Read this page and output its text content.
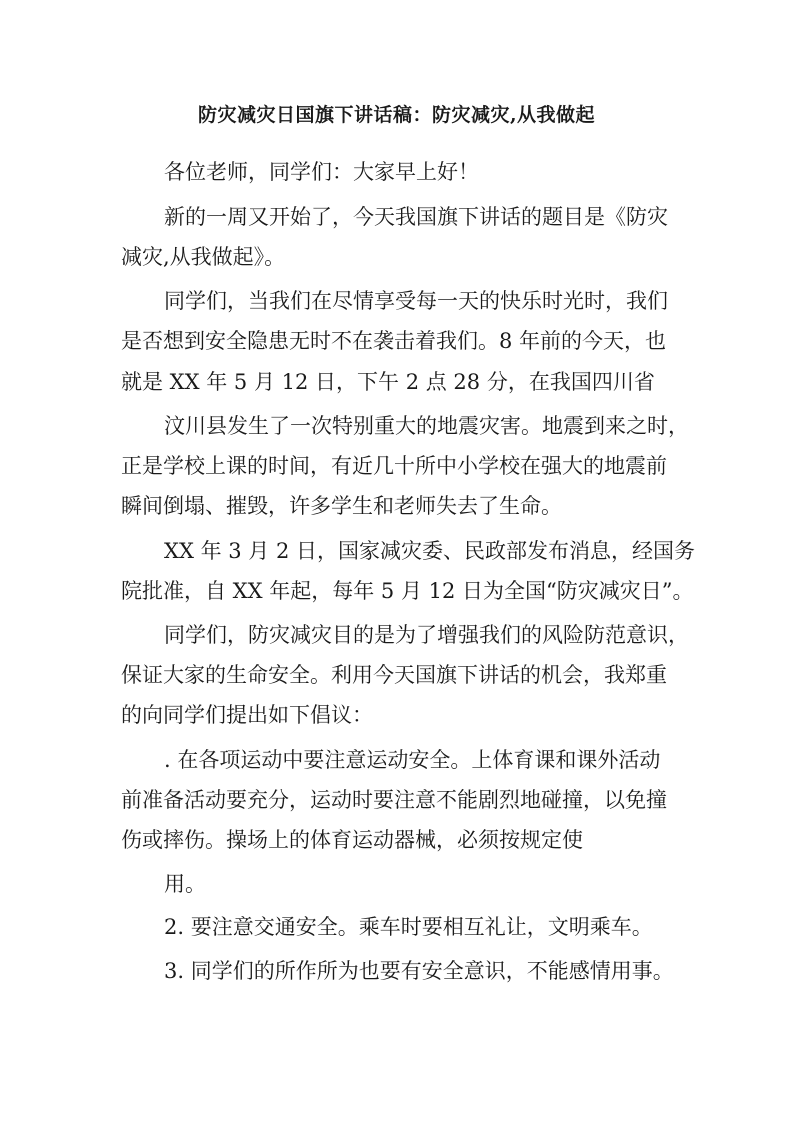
防灾减灾日国旗下讲话稿：防灾减灾,从我做起
各位老师，同学们：大家早上好！
新的一周又开始了，今天我国旗下讲话的题目是《防灾
减灾,从我做起》。
同学们，当我们在尽情享受每一天的快乐时光时，我们
是否想到安全隐患无时不在袭击着我们。8 年前的今天，也
就是 XX 年 5 月 12 日，下午 2 点 28 分，在我国四川省
汶川县发生了一次特别重大的地震灾害。地震到来之时，
正是学校上课的时间，有近几十所中小学校在强大的地震前
瞬间倒塌、摧毁，许多学生和老师失去了生命。
XX 年 3 月 2 日，国家减灾委、民政部发布消息，经国务
院批准，自 XX 年起，每年 5 月 12 日为全国“防灾减灾日”。
同学们，防灾减灾目的是为了增强我们的风险防范意识，
保证大家的生命安全。利用今天国旗下讲话的机会，我郑重
的向同学们提出如下倡议：
. 在各项运动中要注意运动安全。上体育课和课外活动
前准备活动要充分，运动时要注意不能剧烈地碰撞，以免撞
伤或摔伤。操场上的体育运动器械，必须按规定使
用。
2. 要注意交通安全。乘车时要相互礼让，文明乘车。
3. 同学们的所作所为也要有安全意识，不能感情用事。
